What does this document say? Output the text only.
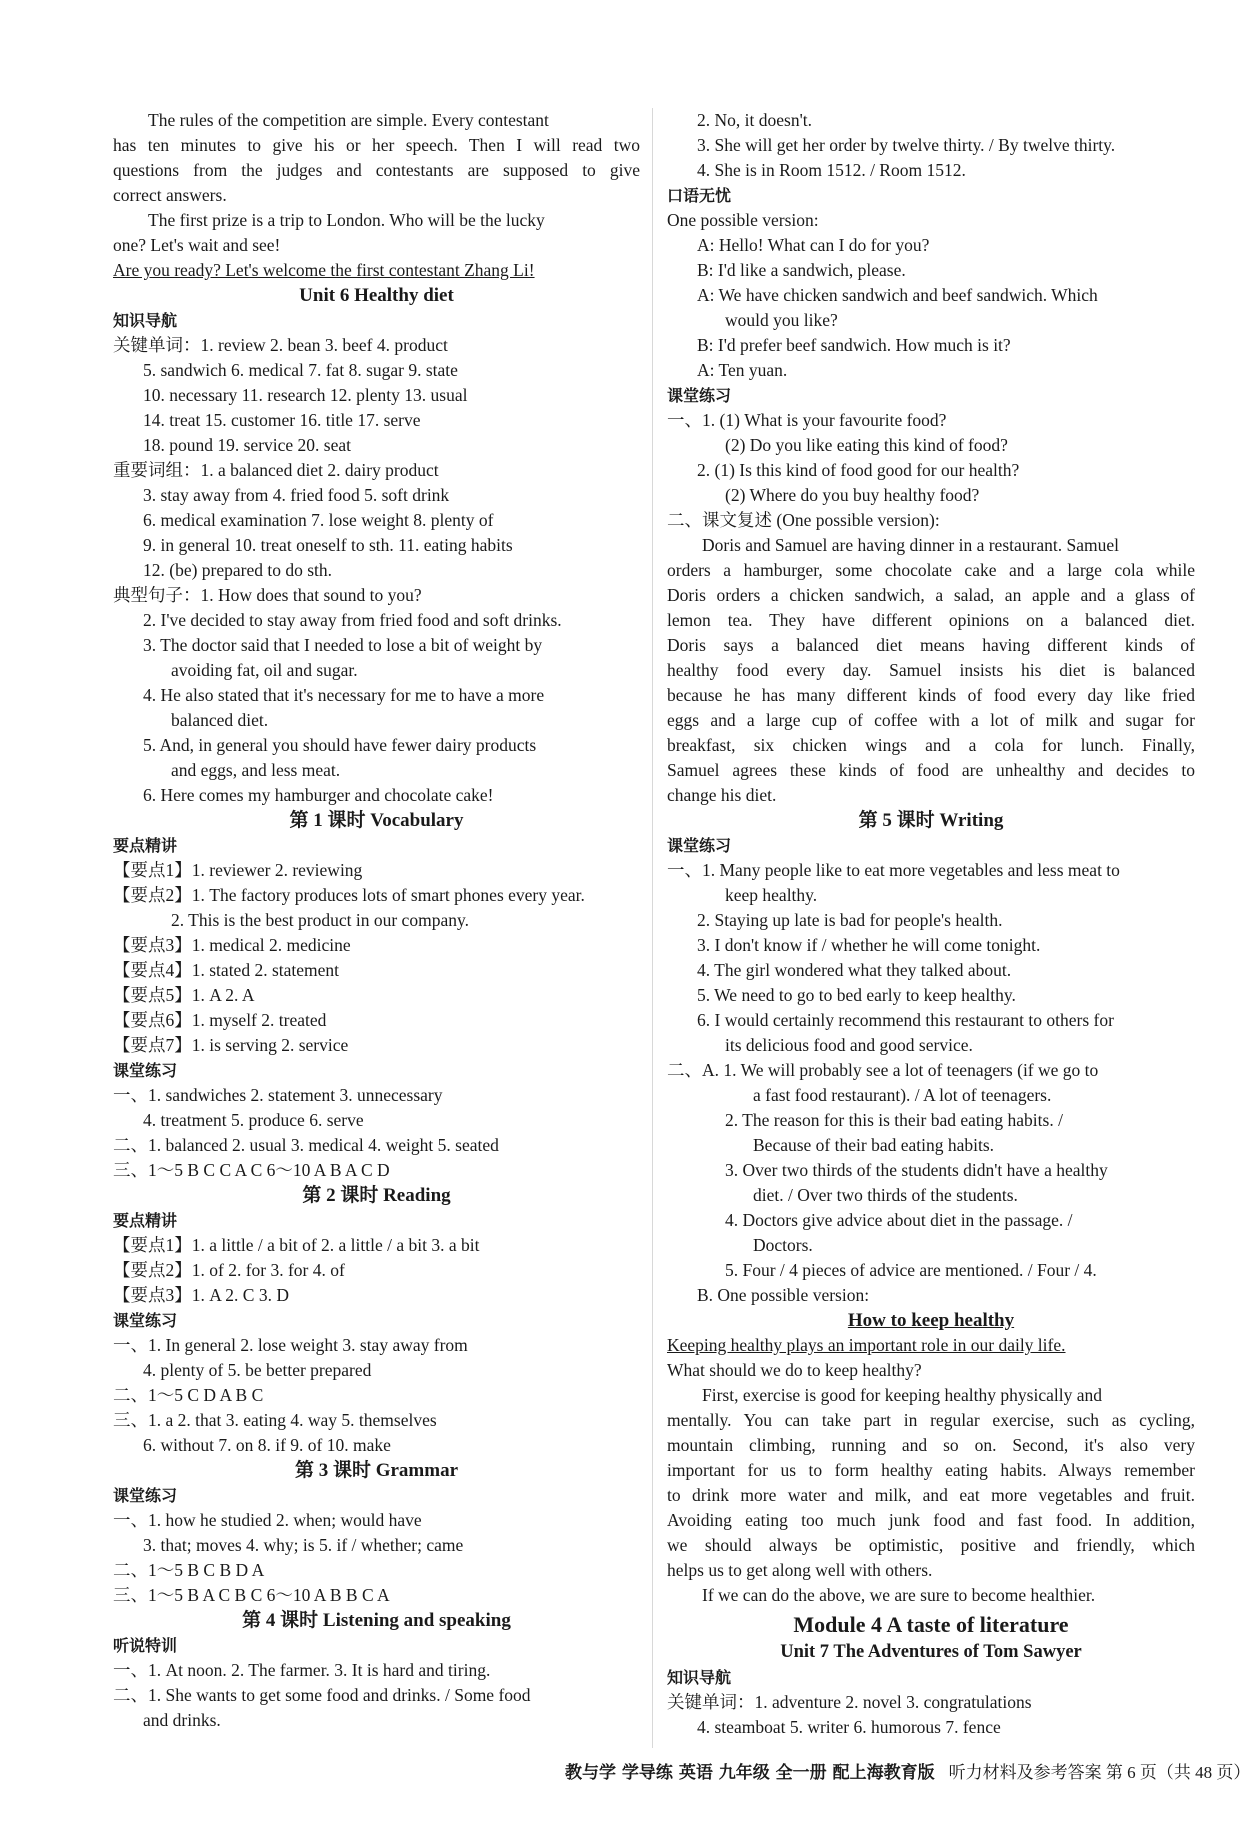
The rules of the competition are simple. Every contestant
has ten minutes to give his or her speech. Then I will read two
questions from the judges and contestants are supposed to give
correct answers.
The first prize is a trip to London. Who will be the lucky
one? Let's wait and see!
Are you ready? Let's welcome the first contestant Zhang Li!
Unit 6 Healthy diet
知识导航
关键单词：1. review 2. bean 3. beef 4. product
5. sandwich 6. medical 7. fat 8. sugar 9. state
10. necessary 11. research 12. plenty 13. usual
14. treat 15. customer 16. title 17. serve
18. pound 19. service 20. seat
重要词组：1. a balanced diet 2. dairy product
3. stay away from 4. fried food 5. soft drink
6. medical examination 7. lose weight 8. plenty of
9. in general 10. treat oneself to sth. 11. eating habits
12. (be) prepared to do sth.
典型句子：1. How does that sound to you?
2. I've decided to stay away from fried food and soft drinks.
3. The doctor said that I needed to lose a bit of weight by
avoiding fat, oil and sugar.
4. He also stated that it's necessary for me to have a more
balanced diet.
5. And, in general you should have fewer dairy products
and eggs, and less meat.
6. Here comes my hamburger and chocolate cake!
第 1 课时 Vocabulary
要点精讲
【要点1】1. reviewer 2. reviewing
【要点2】1. The factory produces lots of smart phones every year.
2. This is the best product in our company.
【要点3】1. medical 2. medicine
【要点4】1. stated 2. statement
【要点5】1. A 2. A
【要点6】1. myself 2. treated
【要点7】1. is serving 2. service
课堂练习
一、1. sandwiches 2. statement 3. unnecessary
4. treatment 5. produce 6. serve
二、1. balanced 2. usual 3. medical 4. weight 5. seated
三、1～5 B C C A C 6～10 A B A C D
第 2 课时 Reading
要点精讲
【要点1】1. a little / a bit of 2. a little / a bit 3. a bit
【要点2】1. of 2. for 3. for 4. of
【要点3】1. A 2. C 3. D
课堂练习
一、1. In general 2. lose weight 3. stay away from
4. plenty of 5. be better prepared
二、1～5 C D A B C
三、1. a 2. that 3. eating 4. way 5. themselves
6. without 7. on 8. if 9. of 10. make
第 3 课时 Grammar
课堂练习
一、1. how he studied 2. when; would have
3. that; moves 4. why; is 5. if / whether; came
二、1～5 B C B D A
三、1～5 B A C B C 6～10 A B B C A
第 4 课时 Listening and speaking
听说特训
一、1. At noon. 2. The farmer. 3. It is hard and tiring.
二、1. She wants to get some food and drinks. / Some food
and drinks.
2. No, it doesn't.
3. She will get her order by twelve thirty. / By twelve thirty.
4. She is in Room 1512. / Room 1512.
口语无忧
One possible version:
A: Hello! What can I do for you?
B: I'd like a sandwich, please.
A: We have chicken sandwich and beef sandwich. Which
would you like?
B: I'd prefer beef sandwich. How much is it?
A: Ten yuan.
课堂练习
一、1. (1) What is your favourite food?
(2) Do you like eating this kind of food?
2. (1) Is this kind of food good for our health?
(2) Where do you buy healthy food?
二、课文复述 (One possible version):
Doris and Samuel are having dinner in a restaurant. Samuel
orders a hamburger, some chocolate cake and a large cola while
Doris orders a chicken sandwich, a salad, an apple and a glass of
lemon tea. They have different opinions on a balanced diet.
Doris says a balanced diet means having different kinds of
healthy food every day. Samuel insists his diet is balanced
because he has many different kinds of food every day like fried
eggs and a large cup of coffee with a lot of milk and sugar for
breakfast, six chicken wings and a cola for lunch. Finally,
Samuel agrees these kinds of food are unhealthy and decides to
change his diet.
第 5 课时 Writing
课堂练习
一、1. Many people like to eat more vegetables and less meat to
keep healthy.
2. Staying up late is bad for people's health.
3. I don't know if / whether he will come tonight.
4. The girl wondered what they talked about.
5. We need to go to bed early to keep healthy.
6. I would certainly recommend this restaurant to others for
its delicious food and good service.
二、A. 1. We will probably see a lot of teenagers (if we go to
a fast food restaurant). / A lot of teenagers.
2. The reason for this is their bad eating habits. /
Because of their bad eating habits.
3. Over two thirds of the students didn't have a healthy
diet. / Over two thirds of the students.
4. Doctors give advice about diet in the passage. /
Doctors.
5. Four / 4 pieces of advice are mentioned. / Four / 4.
B. One possible version:
How to keep healthy
Keeping healthy plays an important role in our daily life.
What should we do to keep healthy?
First, exercise is good for keeping healthy physically and
mentally. You can take part in regular exercise, such as cycling,
mountain climbing, running and so on. Second, it's also very
important for us to form healthy eating habits. Always remember
to drink more water and milk, and eat more vegetables and fruit.
Avoiding eating too much junk food and fast food. In addition,
we should always be optimistic, positive and friendly, which
helps us to get along well with others.
If we can do the above, we are sure to become healthier.
Module 4 A taste of literature
Unit 7 The Adventures of Tom Sawyer
知识导航
关键单词：1. adventure 2. novel 3. congratulations
4. steamboat 5. writer 6. humorous 7. fence
教与学 学导练 英语 九年级 全一册 配上海教育版 听力材料及参考答案 第 6 页（共 48 页）
